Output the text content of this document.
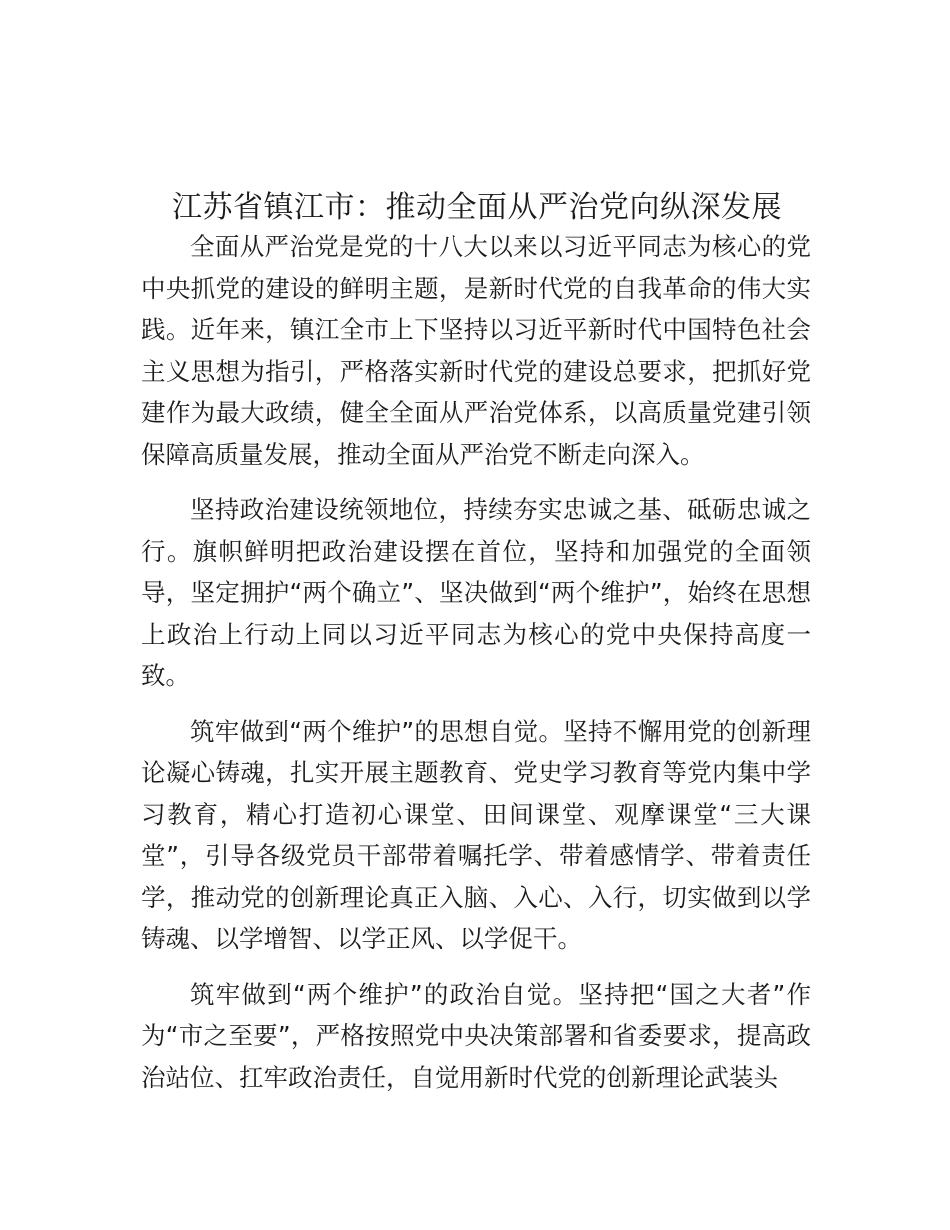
江苏省镇江市：推动全面从严治党向纵深发展

全面从严治党是党的十八大以来以习近平同志为核心的党中央抓党的建设的鲜明主题，是新时代党的自我革命的伟大实践。近年来，镇江全市上下坚持以习近平新时代中国特色社会主义思想为指引，严格落实新时代党的建设总要求，把抓好党建作为最大政绩，健全全面从严治党体系，以高质量党建引领保障高质量发展，推动全面从严治党不断走向深入。

坚持政治建设统领地位，持续夯实忠诚之基、砥砺忠诚之行。旗帜鲜明把政治建设摆在首位，坚持和加强党的全面领导，坚定拥护“两个确立”、坚决做到“两个维护”，始终在思想上政治上行动上同以习近平同志为核心的党中央保持高度一致。

筑牢做到“两个维护”的思想自觉。坚持不懈用党的创新理论凝心铸魂，扎实开展主题教育、党史学习教育等党内集中学习教育，精心打造初心课堂、田间课堂、观摩课堂“三大课堂”，引导各级党员干部带着嘱托学、带着感情学、带着责任学，推动党的创新理论真正入脑、入心、入行，切实做到以学铸魂、以学增智、以学正风、以学促干。

筑牢做到“两个维护”的政治自觉。坚持把“国之大者”作为“市之至要”，严格按照党中央决策部署和省委要求，提高政治站位、扛牢政治责任，自觉用新时代党的创新理论武装头
